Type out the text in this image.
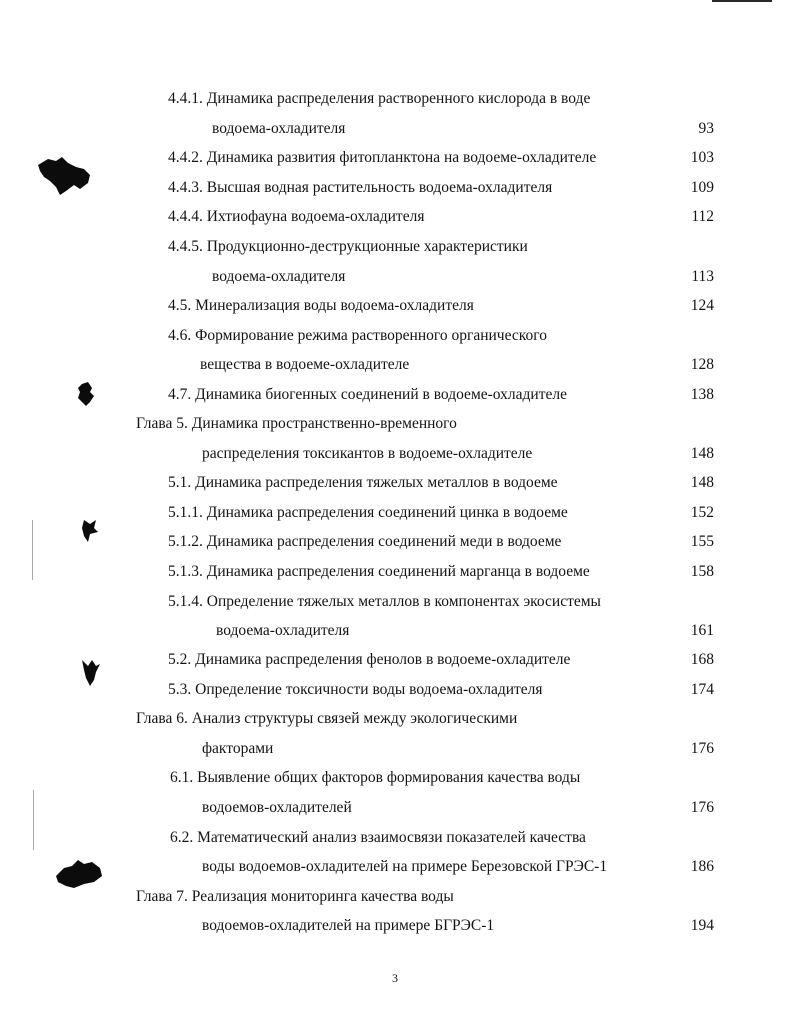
4.4.1. Динамика распределения растворенного кислорода в воде
водоема-охладителя	93
4.4.2. Динамика развития фитопланктона на водоеме-охладителе	103
4.4.3. Высшая водная растительность водоема-охладителя	109
4.4.4. Ихтиофауна водоема-охладителя	112
4.4.5. Продукционно-деструкционные характеристики
водоема-охладителя	113
4.5. Минерализация воды водоема-охладителя	124
4.6. Формирование режима растворенного органического
вещества в водоеме-охладителе	128
4.7. Динамика биогенных соединений в водоеме-охладителе	138
Глава 5. Динамика пространственно-временного
распределения токсикантов в водоеме-охладителе	148
5.1. Динамика распределения тяжелых металлов в водоеме	148
5.1.1. Динамика распределения соединений цинка в водоеме	152
5.1.2. Динамика распределения соединений меди в водоеме	155
5.1.3. Динамика распределения соединений марганца в водоеме	158
5.1.4. Определение тяжелых металлов в компонентах экосистемы
водоема-охладителя	161
5.2. Динамика распределения фенолов в водоеме-охладителе	168
5.3. Определение токсичности воды водоема-охладителя	174
Глава 6. Анализ структуры связей между экологическими
факторами	176
6.1. Выявление общих факторов формирования качества воды
водоемов-охладителей	176
6.2. Математический анализ взаимосвязи показателей качества
воды водоемов-охладителей на примере Березовской ГРЭС-1	186
Глава 7. Реализация мониторинга качества воды
водоемов-охладителей на примере БГРЭС-1	194
3
